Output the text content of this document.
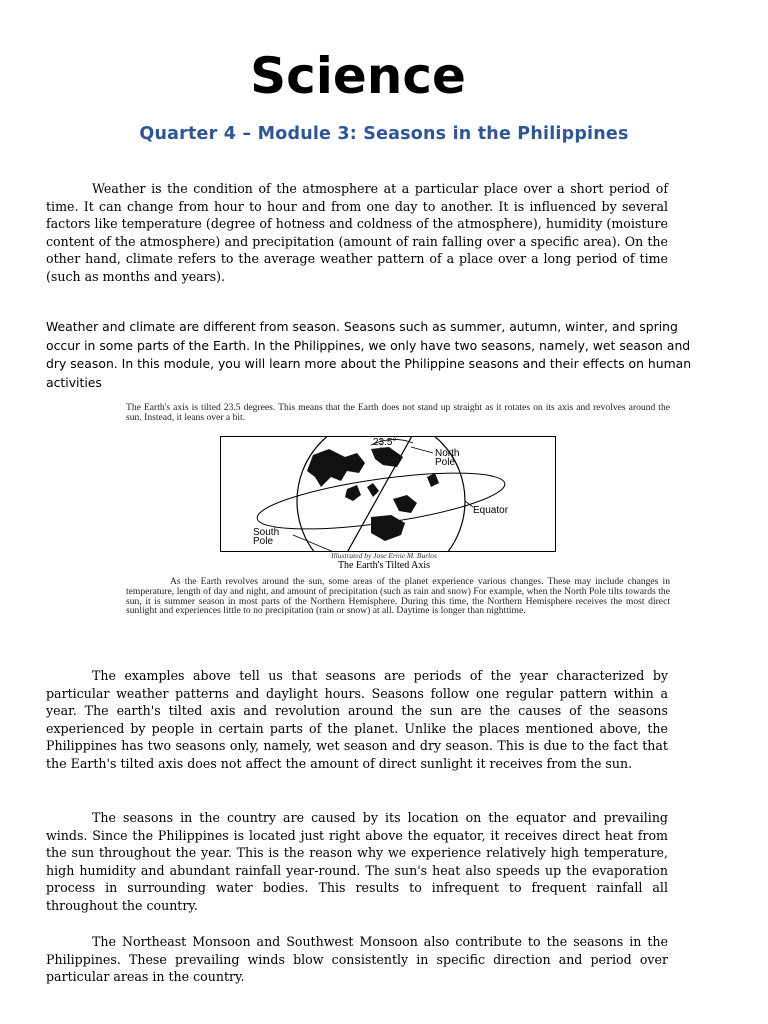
Science
Quarter 4 – Module 3: Seasons in the Philippines

Weather is the condition of the atmosphere at a particular place over a short period of time. It can change from hour to hour and from one day to another. It is influenced by several factors like temperature (degree of hotness and coldness of the atmosphere), humidity (moisture content of the atmosphere) and precipitation (amount of rain falling over a specific area). On the other hand, climate refers to the average weather pattern of a place over a long period of time (such as months and years).

Weather and climate are different from season. Seasons such as summer, autumn, winter, and spring occur in some parts of the Earth. In the Philippines, we only have two seasons, namely, wet season and dry season. In this module, you will learn more about the Philippine seasons and their effects on human activities

The Earth's axis is tilted 23.5 degrees. This means that the Earth does not stand up straight as it rotates on its axis and revolves around the sun. Instead, it leans over a bit.

23.5°
North
Pole
Equator
South
Pole

Illustrated by Jose Ernie M. Burlos

The Earth's Tilted Axis

As the Earth revolves around the sun, some areas of the planet experience various changes. These may include changes in temperature, length of day and night, and amount of precipitation (such as rain and snow) For example, when the North Pole tilts towards the sun, it is summer season in most parts of the Northern Hemisphere. During this time, the Northern Hemisphere receives the most direct sunlight and experiences little to no precipitation (rain or snow) at all. Daytime is longer than nighttime.

The examples above tell us that seasons are periods of the year characterized by particular weather patterns and daylight hours. Seasons follow one regular pattern within a year. The earth's tilted axis and revolution around the sun are the causes of the seasons experienced by people in certain parts of the planet. Unlike the places mentioned above, the Philippines has two seasons only, namely, wet season and dry season. This is due to the fact that the Earth's tilted axis does not affect the amount of direct sunlight it receives from the sun.

The seasons in the country are caused by its location on the equator and prevailing winds. Since the Philippines is located just right above the equator, it receives direct heat from the sun throughout the year. This is the reason why we experience relatively high temperature, high humidity and abundant rainfall year-round. The sun's heat also speeds up the evaporation process in surrounding water bodies. This results to infrequent to frequent rainfall all throughout the country.

The Northeast Monsoon and Southwest Monsoon also contribute to the seasons in the Philippines. These prevailing winds blow consistently in specific direction and period over particular areas in the country.
